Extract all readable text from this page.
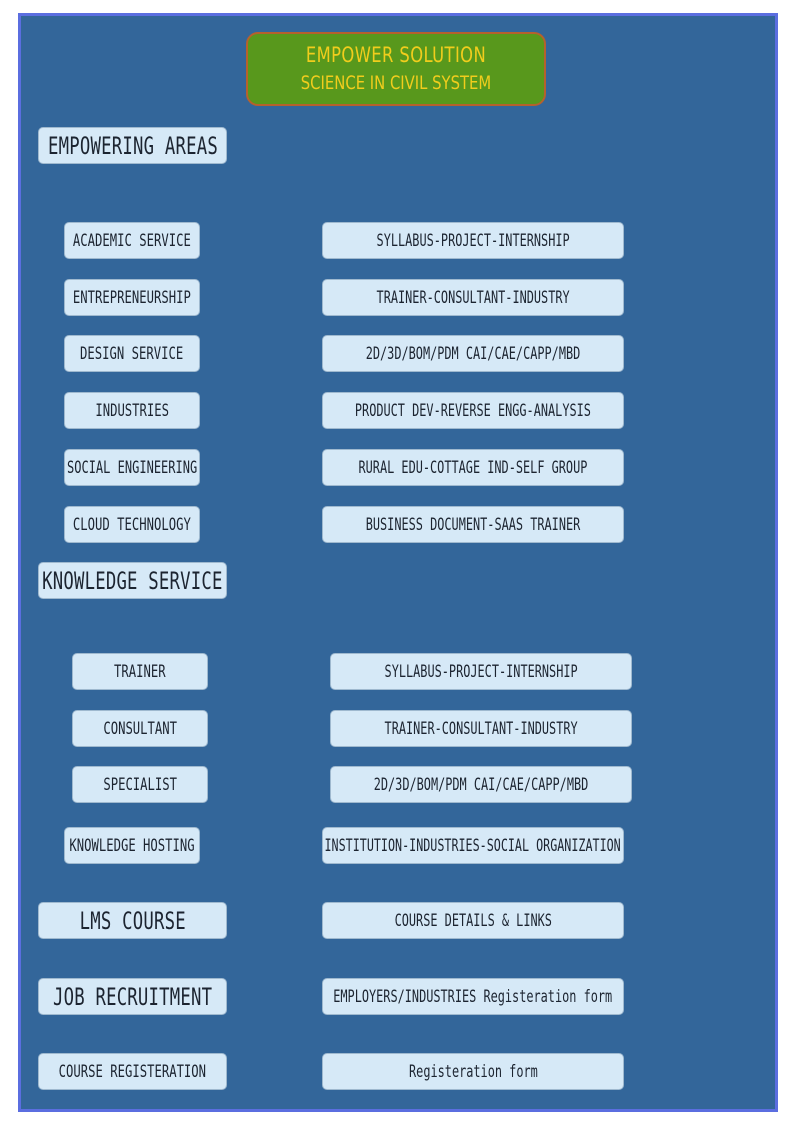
EMPOWER SOLUTION
SCIENCE IN CIVIL SYSTEM
EMPOWERING AREAS
ACADEMIC SERVICE	SYLLABUS-PROJECT-INTERNSHIP
ENTREPRENEURSHIP	TRAINER-CONSULTANT-INDUSTRY
DESIGN SERVICE	2D/3D/BOM/PDM CAI/CAE/CAPP/MBD
INDUSTRIES	PRODUCT DEV-REVERSE ENGG-ANALYSIS
SOCIAL ENGINEERING	RURAL EDU-COTTAGE IND-SELF GROUP
CLOUD TECHNOLOGY	BUSINESS DOCUMENT-SAAS TRAINER
KNOWLEDGE SERVICE
TRAINER	SYLLABUS-PROJECT-INTERNSHIP
CONSULTANT	TRAINER-CONSULTANT-INDUSTRY
SPECIALIST	2D/3D/BOM/PDM CAI/CAE/CAPP/MBD
KNOWLEDGE HOSTING	INSTITUTION-INDUSTRIES-SOCIAL ORGANIZATION
LMS COURSE	COURSE DETAILS & LINKS
JOB RECRUITMENT	EMPLOYERS/INDUSTRIES Registeration form
COURSE REGISTERATION	Registeration form
